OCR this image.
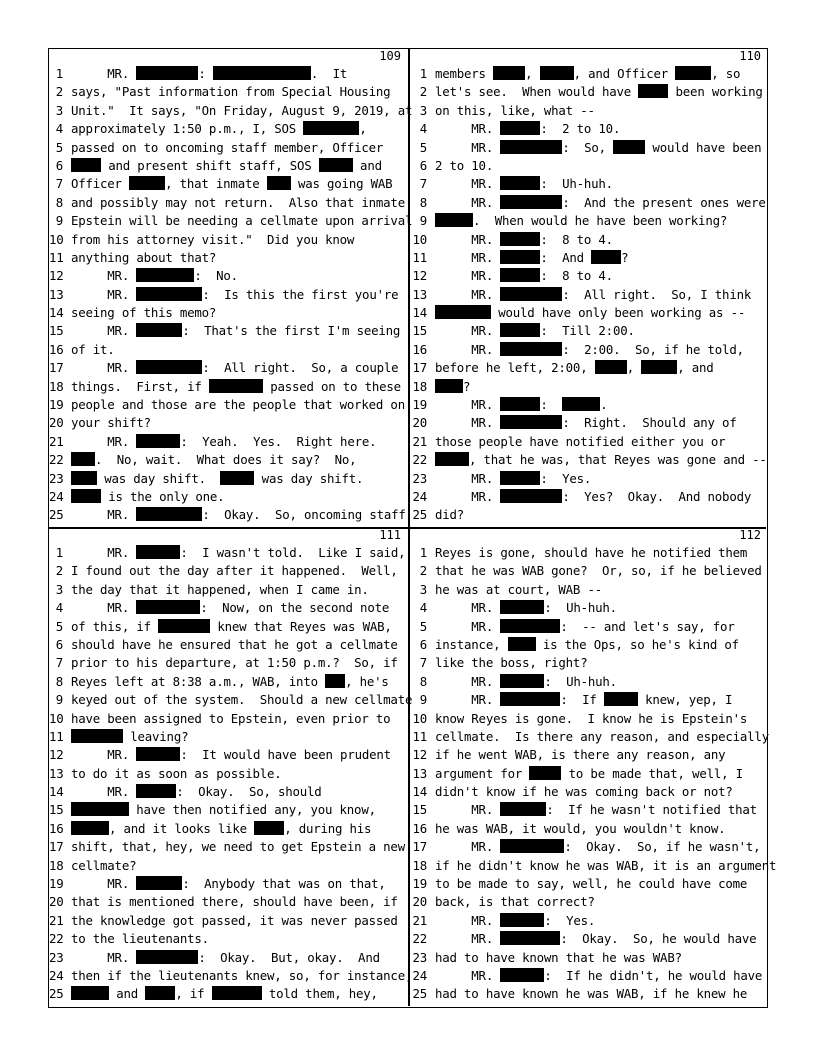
109
1     MR.	:	.  It
2 says, "Past information from Special Housing
3 Unit."  It says, "On Friday, August 9, 2019, at
4 approximately 1:50 p.m., I, SOS	,
5 passed on to oncoming staff member, Officer
6	and present shift staff, SOS	and
7 Officer	, that inmate  was going WAB
8 and possibly may not return.  Also that inmate
9 Epstein will be needing a cellmate upon arrival
10 from his attorney visit."  Did you know
11 anything about that?
12     MR.	:  No.
13     MR.	:  Is this the first you're
14 seeing of this memo?
15     MR.	:  That's the first I'm seeing
16 of it.
17     MR.	:  All right.  So, a couple
18 things.  First, if	passed on to these
19 people and those are the people that worked on
20 your shift?
21     MR.	:  Yeah.  Yes.  Right here.
22	.  No, wait.  What does it say?  No,
23	was day shift.	was day shift.
24	is the only one.
25     MR.	:  Okay.  So, oncoming staff
110
1 members	,	, and Officer	, so
2 let's see.  When would have  been working
3 on this, like, what --
4     MR.	:  2 to 10.
5     MR.	:  So,	would have been
6 2 to 10.
7     MR.	:  Uh-huh.
8     MR.	:  And the present ones were
9	.  When would he have been working?
10     MR.	:  8 to 4.
11     MR.	:  And ?
12     MR.	:  8 to 4.
13     MR.	:  All right.  So, I think
14	would have only been working as --
15     MR.	:  Till 2:00.
16     MR.	:  2:00.  So, if he told,
17 before he left, 2:00,	,	, and
18	?
19     MR.	:	.
20     MR.	:  Right.  Should any of
21 those people have notified either you or
22	, that he was, that Reyes was gone and --
23     MR.	:  Yes.
24     MR.	:  Yes?  Okay.  And nobody
25 did?
111
1     MR.	:  I wasn't told.  Like I said,
2 I found out the day after it happened.  Well,
3 the day that it happened, when I came in.
4     MR.	:  Now, on the second note
5 of this, if	knew that Reyes was WAB,
6 should have he ensured that he got a cellmate
7 prior to his departure, at 1:50 p.m.?  So, if
8 Reyes left at 8:38 a.m., WAB, into , he's
9 keyed out of the system.  Should a new cellmate
10 have been assigned to Epstein, even prior to
11	leaving?
12     MR.	:  It would have been prudent
13 to do it as soon as possible.
14     MR.	:  Okay.  So, should
15	have then notified any, you know,
16	, and it looks like , during his
17 shift, that, hey, we need to get Epstein a new
18 cellmate?
19     MR.	:  Anybody that was on that,
20 that is mentioned there, should have been, if
21 the knowledge got passed, it was never passed
22 to the lieutenants.
23     MR.	:  Okay.  But, okay.  And
24 then if the lieutenants knew, so, for instance,
25	and , if	told them, hey,
112
1 Reyes is gone, should have he notified them
2 that he was WAB gone?  Or, so, if he believed
3 he was at court, WAB --
4     MR.	:  Uh-huh.
5     MR.	:  -- and let's say, for
6 instance,  is the Ops, so he's kind of
7 like the boss, right?
8     MR.	:  Uh-huh.
9     MR.	:  If	knew, yep, I
10 know Reyes is gone.  I know he is Epstein's
11 cellmate.  Is there any reason, and especially
12 if he went WAB, is there any reason, any
13 argument for	to be made that, well, I
14 didn't know if he was coming back or not?
15     MR.	:  If he wasn't notified that
16 he was WAB, it would, you wouldn't know.
17     MR.	:  Okay.  So, if he wasn't,
18 if he didn't know he was WAB, it is an argument
19 to be made to say, well, he could have come
20 back, is that correct?
21     MR.	:  Yes.
22     MR.	:  Okay.  So, he would have
23 had to have known that he was WAB?
24     MR.	:  If he didn't, he would have
25 had to have known he was WAB, if he knew he
